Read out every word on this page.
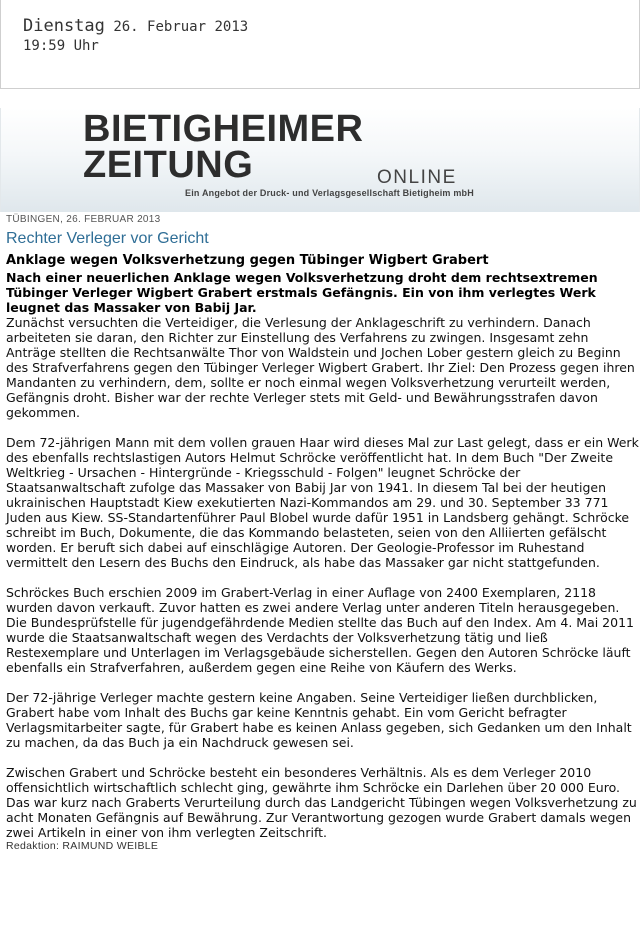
Dienstag 26. Februar 2013
19:59 Uhr
BIETIGHEIMER
ZEITUNG	ONLINE
Ein Angebot der Druck- und Verlagsgesellschaft Bietigheim mbH
TÜBINGEN, 26. FEBRUAR 2013
Rechter Verleger vor Gericht
Anklage wegen Volksverhetzung gegen Tübinger Wigbert Grabert
Nach einer neuerlichen Anklage wegen Volksverhetzung droht dem rechtsextremen Tübinger Verleger Wigbert Grabert erstmals Gefängnis. Ein von ihm verlegtes Werk leugnet das Massaker von Babij Jar.

Zunächst versuchten die Verteidiger, die Verlesung der Anklageschrift zu verhindern. Danach arbeiteten sie daran, den Richter zur Einstellung des Verfahrens zu zwingen. Insgesamt zehn Anträge stellten die Rechtsanwälte Thor von Waldstein und Jochen Lober gestern gleich zu Beginn des Strafverfahrens gegen den Tübinger Verleger Wigbert Grabert. Ihr Ziel: Den Prozess gegen ihren Mandanten zu verhindern, dem, sollte er noch einmal wegen Volksverhetzung verurteilt werden, Gefängnis droht. Bisher war der rechte Verleger stets mit Geld- und Bewährungsstrafen davon gekommen.

Dem 72-jährigen Mann mit dem vollen grauen Haar wird dieses Mal zur Last gelegt, dass er ein Werk des ebenfalls rechtslastigen Autors Helmut Schröcke veröffentlicht hat. In dem Buch "Der Zweite Weltkrieg - Ursachen - Hintergründe - Kriegsschuld - Folgen" leugnet Schröcke der Staatsanwaltschaft zufolge das Massaker von Babij Jar von 1941. In diesem Tal bei der heutigen ukrainischen Hauptstadt Kiew exekutierten Nazi-Kommandos am 29. und 30. September 33 771 Juden aus Kiew. SS-Standartenführer Paul Blobel wurde dafür 1951 in Landsberg gehängt. Schröcke schreibt im Buch, Dokumente, die das Kommando belasteten, seien von den Alliierten gefälscht worden. Er beruft sich dabei auf einschlägige Autoren. Der Geologie-Professor im Ruhestand vermittelt den Lesern des Buchs den Eindruck, als habe das Massaker gar nicht stattgefunden.

Schröckes Buch erschien 2009 im Grabert-Verlag in einer Auflage von 2400 Exemplaren, 2118 wurden davon verkauft. Zuvor hatten es zwei andere Verlag unter anderen Titeln herausgegeben. Die Bundesprüfstelle für jugendgefährdende Medien stellte das Buch auf den Index. Am 4. Mai 2011 wurde die Staatsanwaltschaft wegen des Verdachts der Volksverhetzung tätig und ließ Restexemplare und Unterlagen im Verlagsgebäude sicherstellen. Gegen den Autoren Schröcke läuft ebenfalls ein Strafverfahren, außerdem gegen eine Reihe von Käufern des Werks.

Der 72-jährige Verleger machte gestern keine Angaben. Seine Verteidiger ließen durchblicken, Grabert habe vom Inhalt des Buchs gar keine Kenntnis gehabt. Ein vom Gericht befragter Verlagsmitarbeiter sagte, für Grabert habe es keinen Anlass gegeben, sich Gedanken um den Inhalt zu machen, da das Buch ja ein Nachdruck gewesen sei.

Zwischen Grabert und Schröcke besteht ein besonderes Verhältnis. Als es dem Verleger 2010 offensichtlich wirtschaftlich schlecht ging, gewährte ihm Schröcke ein Darlehen über 20 000 Euro. Das war kurz nach Graberts Verurteilung durch das Landgericht Tübingen wegen Volksverhetzung zu acht Monaten Gefängnis auf Bewährung. Zur Verantwortung gezogen wurde Grabert damals wegen zwei Artikeln in einer von ihm verlegten Zeitschrift.

Redaktion: RAIMUND WEIBLE
